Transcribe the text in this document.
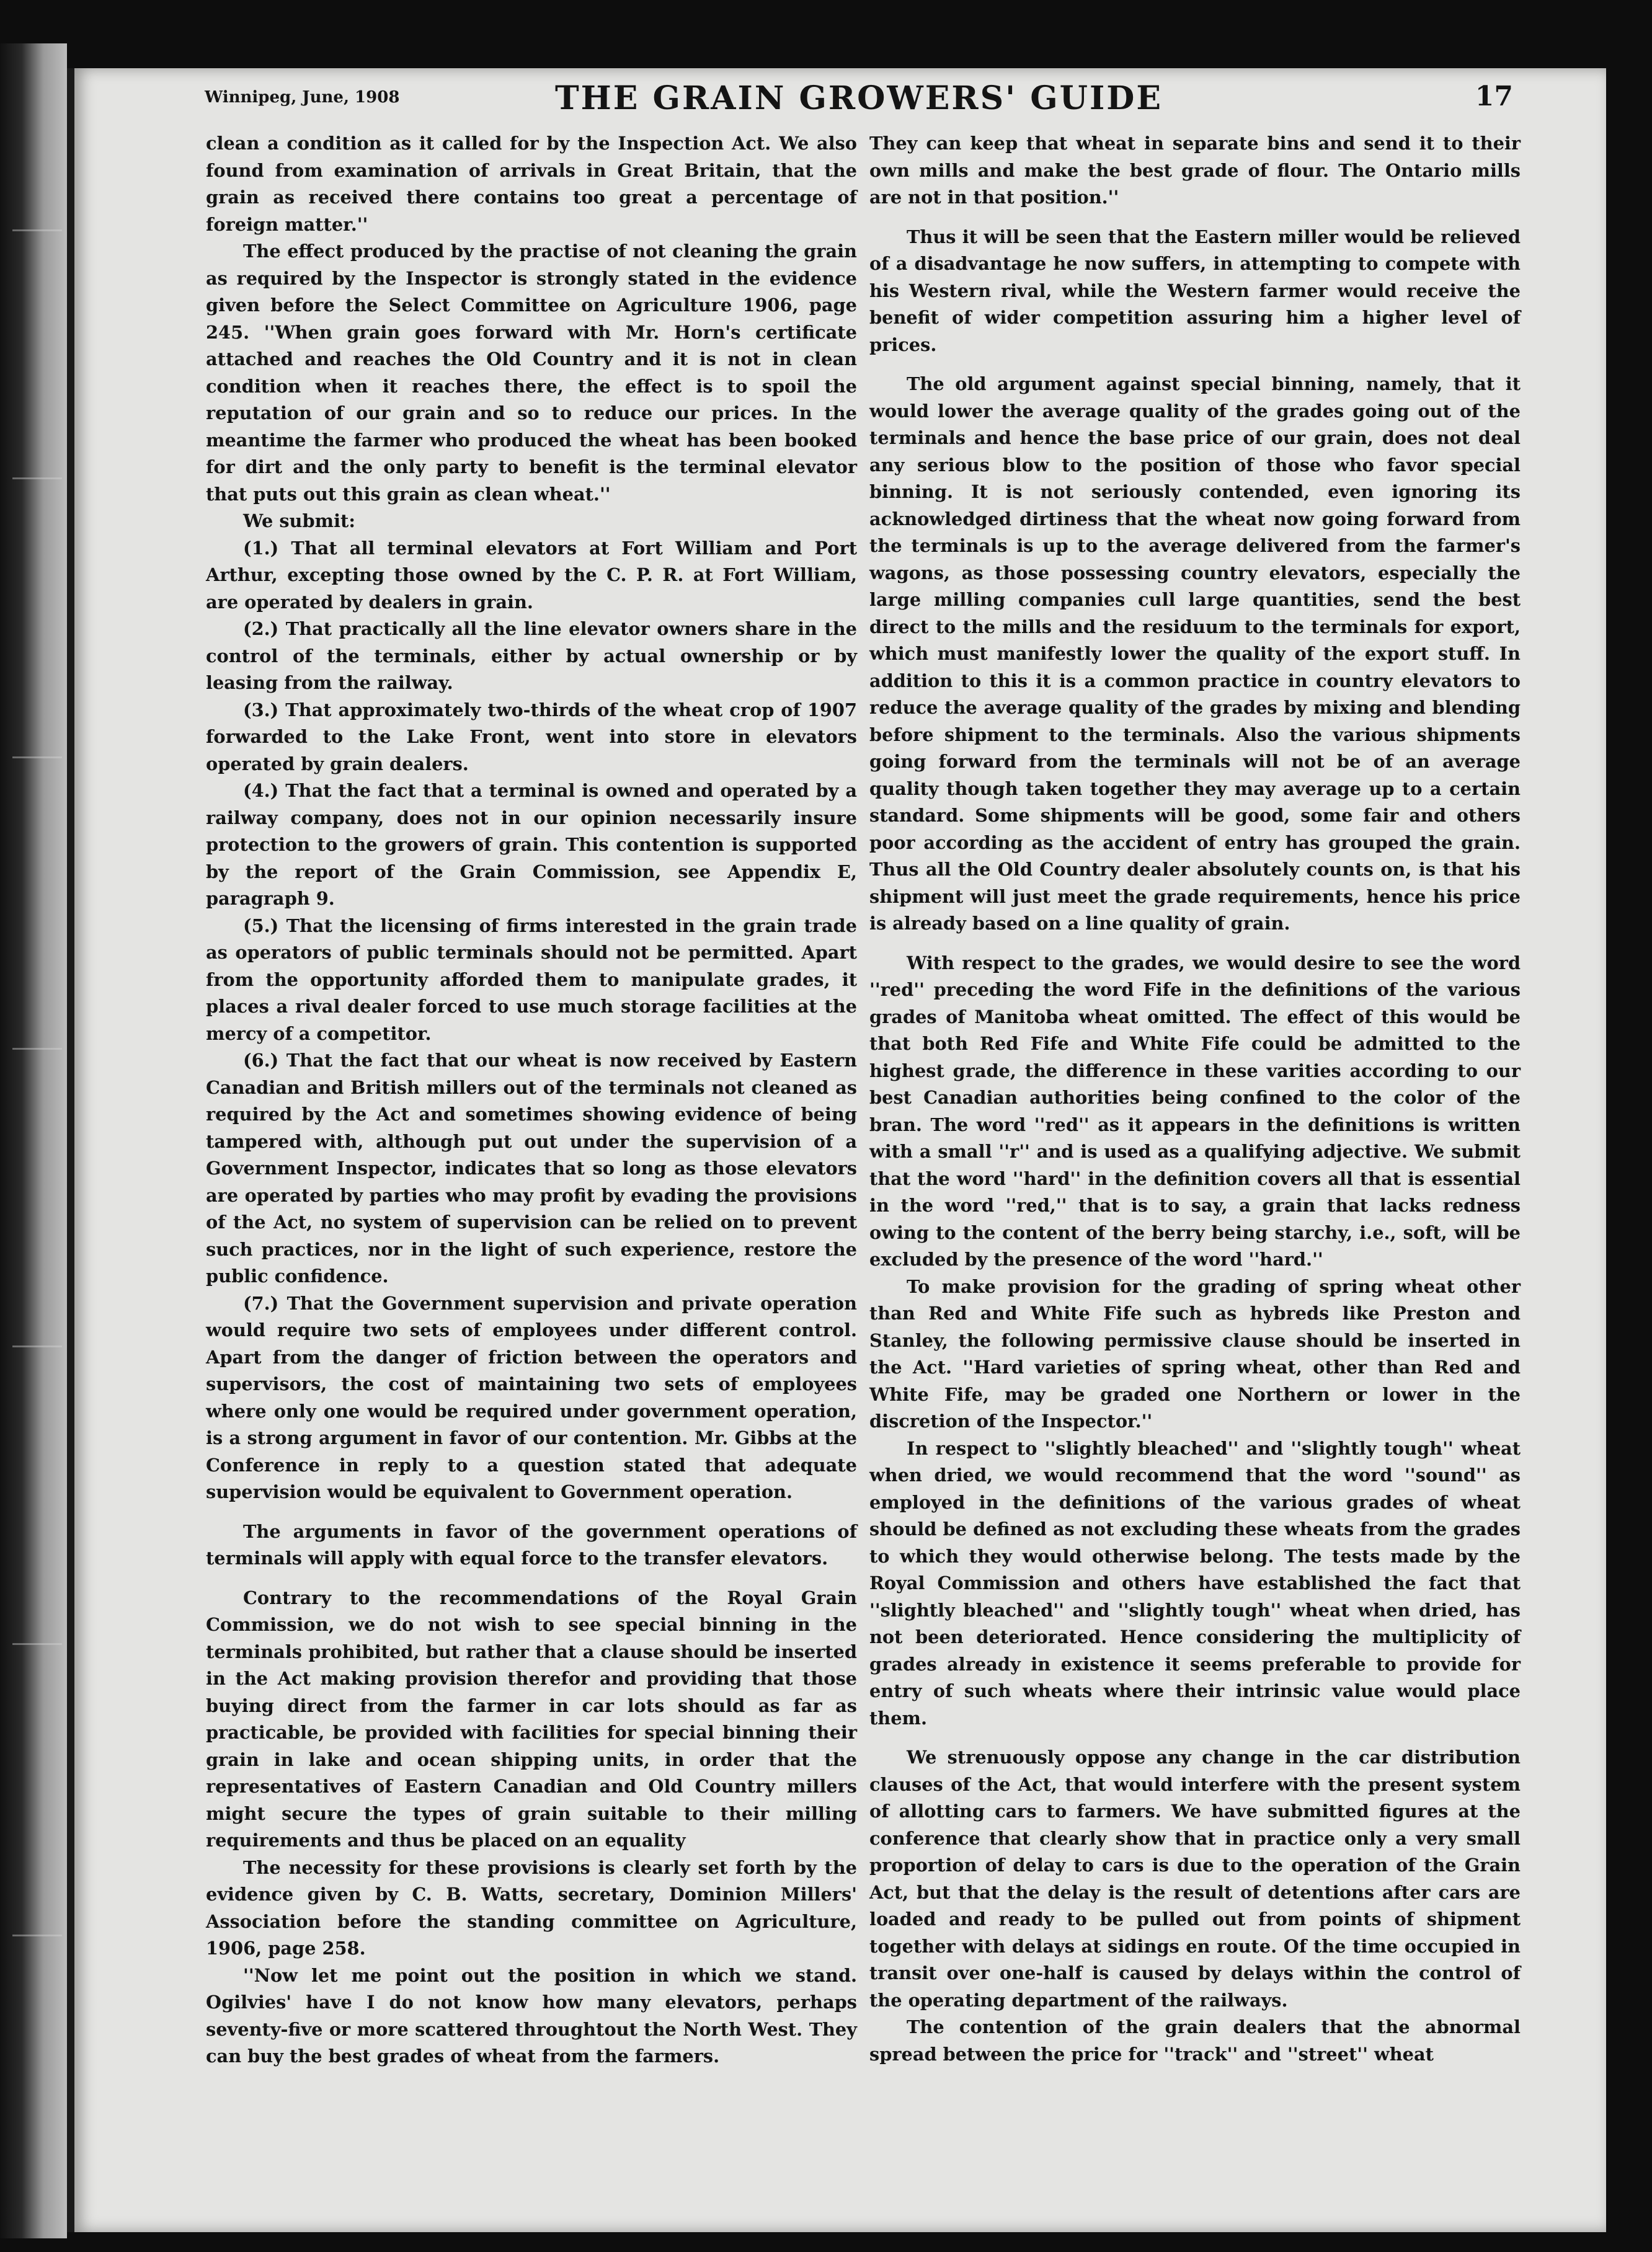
Winnipeg, June, 1908	THE GRAIN GROWERS' GUIDE	17

clean a condition as it called for by the Inspection Act. We also found from examination of arrivals in Great Britain, that the grain as received there contains too great a percentage of foreign matter.''

The effect produced by the practise of not cleaning the grain as required by the Inspector is strongly stated in the evidence given before the Select Committee on Agriculture 1906, page 245. ''When grain goes forward with Mr. Horn's certificate attached and reaches the Old Country and it is not in clean condition when it reaches there, the effect is to spoil the reputation of our grain and so to reduce our prices. In the meantime the farmer who produced the wheat has been booked for dirt and the only party to benefit is the terminal elevator that puts out this grain as clean wheat.''

We submit:

(1.) That all terminal elevators at Fort William and Port Arthur, excepting those owned by the C. P. R. at Fort William, are operated by dealers in grain.

(2.) That practically all the line elevator owners share in the control of the terminals, either by actual ownership or by leasing from the railway.

(3.) That approximately two-thirds of the wheat crop of 1907 forwarded to the Lake Front, went into store in elevators operated by grain dealers.

(4.) That the fact that a terminal is owned and operated by a railway company, does not in our opinion necessarily insure protection to the growers of grain. This contention is supported by the report of the Grain Commission, see Appendix E, paragraph 9.

(5.) That the licensing of firms interested in the grain trade as operators of public terminals should not be permitted. Apart from the opportunity afforded them to manipulate grades, it places a rival dealer forced to use much storage facilities at the mercy of a competitor.

(6.) That the fact that our wheat is now received by Eastern Canadian and British millers out of the terminals not cleaned as required by the Act and sometimes showing evidence of being tampered with, although put out under the supervision of a Government Inspector, indicates that so long as those elevators are operated by parties who may profit by evading the provisions of the Act, no system of supervision can be relied on to prevent such practices, nor in the light of such experience, restore the public confidence.

(7.) That the Government supervision and private operation would require two sets of employees under different control. Apart from the danger of friction between the operators and supervisors, the cost of maintaining two sets of employees where only one would be required under government operation, is a strong argument in favor of our contention. Mr. Gibbs at the Conference in reply to a question stated that adequate supervision would be equivalent to Government operation.

The arguments in favor of the government operations of terminals will apply with equal force to the transfer elevators.

Contrary to the recommendations of the Royal Grain Commission, we do not wish to see special binning in the terminals prohibited, but rather that a clause should be inserted in the Act making provision therefor and providing that those buying direct from the farmer in car lots should as far as practicable, be provided with facilities for special binning their grain in lake and ocean shipping units, in order that the representatives of Eastern Canadian and Old Country millers might secure the types of grain suitable to their milling requirements and thus be placed on an equality

The necessity for these provisions is clearly set forth by the evidence given by C. B. Watts, secretary, Dominion Millers' Association before the standing committee on Agriculture, 1906, page 258.

''Now let me point out the position in which we stand. Ogilvies' have I do not know how many elevators, perhaps seventy-five or more scattered throughtout the North West. They can buy the best grades of wheat from the farmers.

They can keep that wheat in separate bins and send it to their own mills and make the best grade of flour. The Ontario mills are not in that position.''

Thus it will be seen that the Eastern miller would be relieved of a disadvantage he now suffers, in attempting to compete with his Western rival, while the Western farmer would receive the benefit of wider competition assuring him a higher level of prices.

The old argument against special binning, namely, that it would lower the average quality of the grades going out of the terminals and hence the base price of our grain, does not deal any serious blow to the position of those who favor special binning. It is not seriously contended, even ignoring its acknowledged dirtiness that the wheat now going forward from the terminals is up to the average delivered from the farmer's wagons, as those possessing country elevators, especially the large milling companies cull large quantities, send the best direct to the mills and the residuum to the terminals for export, which must manifestly lower the quality of the export stuff. In addition to this it is a common practice in country elevators to reduce the average quality of the grades by mixing and blending before shipment to the terminals. Also the various shipments going forward from the terminals will not be of an average quality though taken together they may average up to a certain standard. Some shipments will be good, some fair and others poor according as the accident of entry has grouped the grain. Thus all the Old Country dealer absolutely counts on, is that his shipment will just meet the grade requirements, hence his price is already based on a line quality of grain.

With respect to the grades, we would desire to see the word ''red'' preceding the word Fife in the definitions of the various grades of Manitoba wheat omitted. The effect of this would be that both Red Fife and White Fife could be admitted to the highest grade, the difference in these varities according to our best Canadian authorities being confined to the color of the bran. The word ''red'' as it appears in the definitions is written with a small ''r'' and is used as a qualifying adjective. We submit that the word ''hard'' in the definition covers all that is essential in the word ''red,'' that is to say, a grain that lacks redness owing to the content of the berry being starchy, i.e., soft, will be excluded by the presence of the word ''hard.''

To make provision for the grading of spring wheat other than Red and White Fife such as hybreds like Preston and Stanley, the following permissive clause should be inserted in the Act. ''Hard varieties of spring wheat, other than Red and White Fife, may be graded one Northern or lower in the discretion of the Inspector.''

In respect to ''slightly bleached'' and ''slightly tough'' wheat when dried, we would recommend that the word ''sound'' as employed in the definitions of the various grades of wheat should be defined as not excluding these wheats from the grades to which they would otherwise belong. The tests made by the Royal Commission and others have established the fact that ''slightly bleached'' and ''slightly tough'' wheat when dried, has not been deteriorated. Hence considering the multiplicity of grades already in existence it seems preferable to provide for entry of such wheats where their intrinsic value would place them.

We strenuously oppose any change in the car distribution clauses of the Act, that would interfere with the present system of allotting cars to farmers. We have submitted figures at the conference that clearly show that in practice only a very small proportion of delay to cars is due to the operation of the Grain Act, but that the delay is the result of detentions after cars are loaded and ready to be pulled out from points of shipment together with delays at sidings en route. Of the time occupied in transit over one-half is caused by delays within the control of the operating department of the railways.

The contention of the grain dealers that the abnormal spread between the price for ''track'' and ''street'' wheat
